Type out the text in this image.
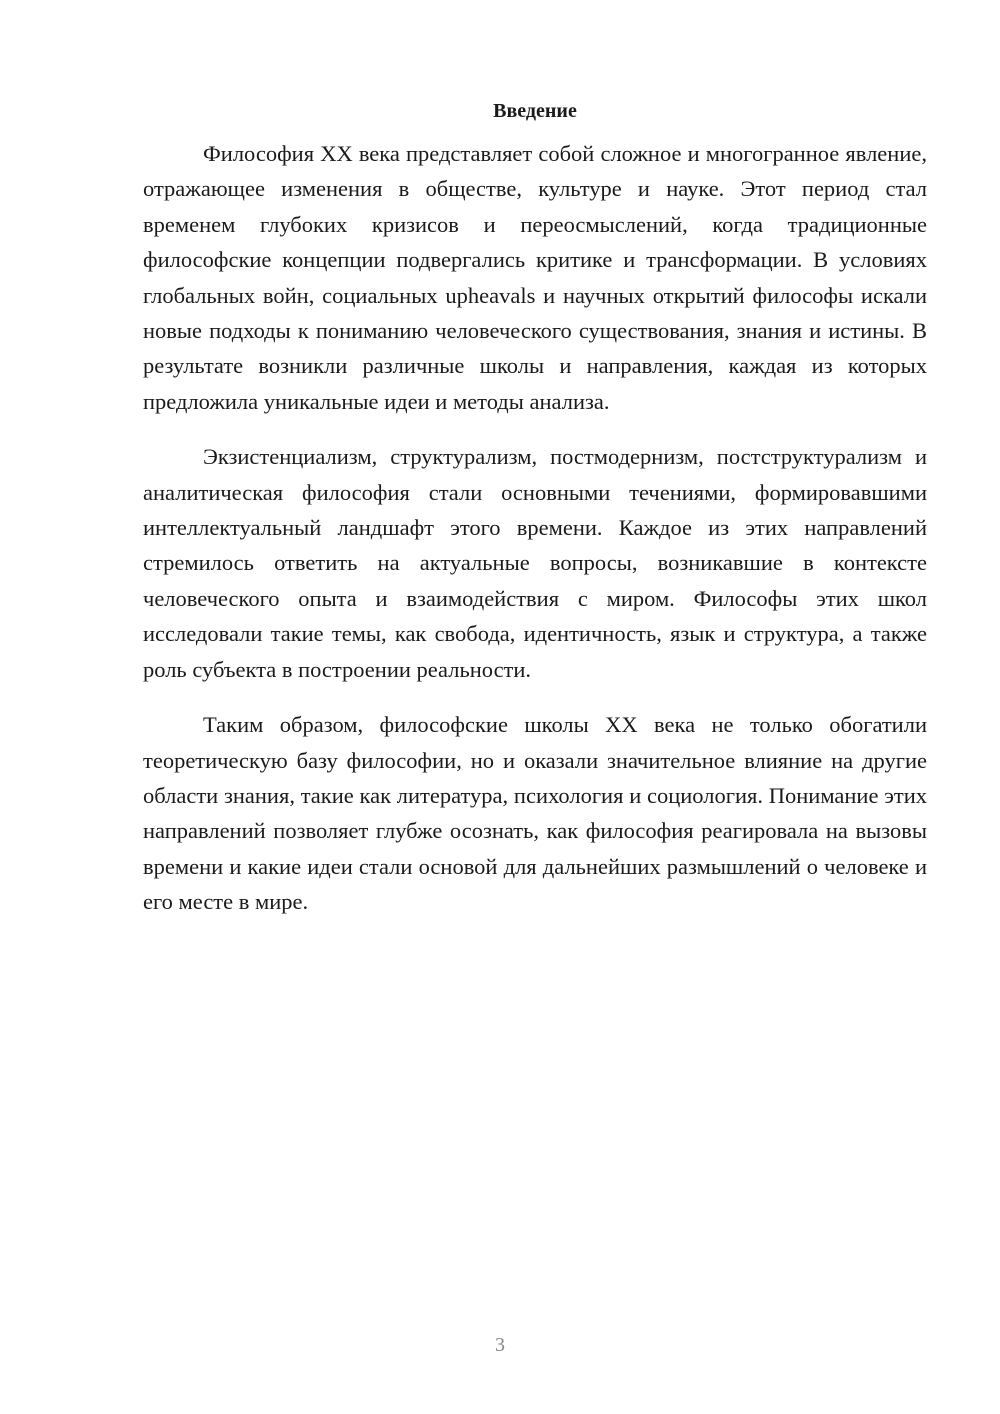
Введение

Философия XX века представляет собой сложное и многогранное явление, отражающее изменения в обществе, культуре и науке. Этот период стал временем глубоких кризисов и переосмыслений, когда традиционные философские концепции подвергались критике и трансформации. В условиях глобальных войн, социальных upheavals и научных открытий философы искали новые подходы к пониманию человеческого существования, знания и истины. В результате возникли различные школы и направления, каждая из которых предложила уникальные идеи и методы анализа.

Экзистенциализм, структурализм, постмодернизм, постструктурализм и аналитическая философия стали основными течениями, формировавшими интеллектуальный ландшафт этого времени. Каждое из этих направлений стремилось ответить на актуальные вопросы, возникавшие в контексте человеческого опыта и взаимодействия с миром. Философы этих школ исследовали такие темы, как свобода, идентичность, язык и структура, а также роль субъекта в построении реальности.

Таким образом, философские школы XX века не только обогатили теоретическую базу философии, но и оказали значительное влияние на другие области знания, такие как литература, психология и социология. Понимание этих направлений позволяет глубже осознать, как философия реагировала на вызовы времени и какие идеи стали основой для дальнейших размышлений о человеке и его месте в мире.

3
